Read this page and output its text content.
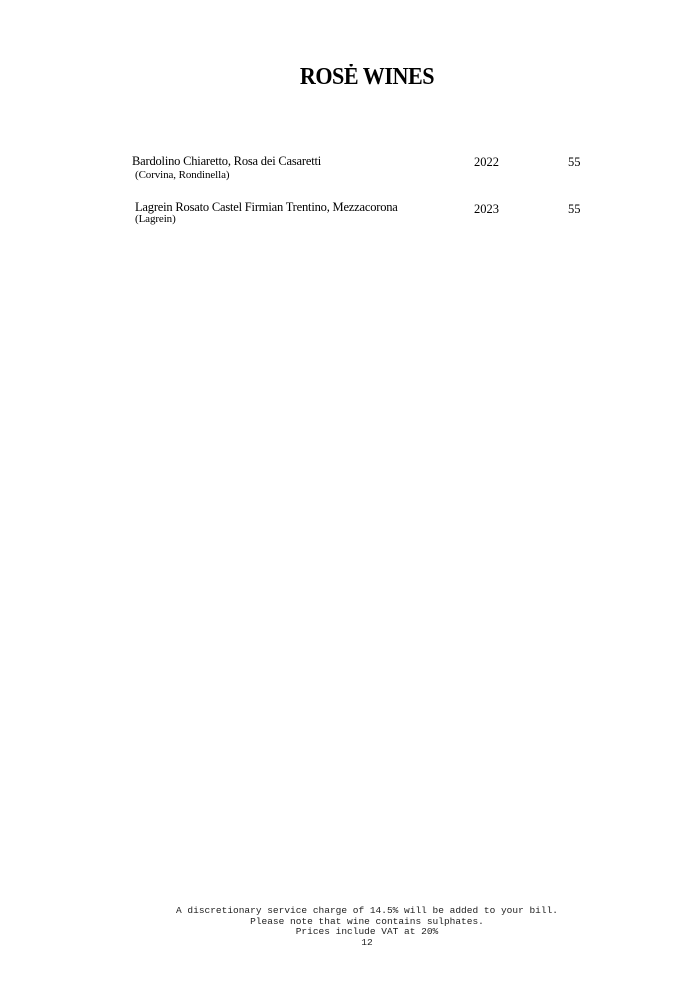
ROSĖ WINES
Bardolino Chiaretto, Rosa dei Casaretti
(Corvina, Rondinella)
2022	55
Lagrein Rosato Castel Firmian Trentino, Mezzacorona
(Lagrein)
2023	55
A discretionary service charge of 14.5% will be added to your bill.
Please note that wine contains sulphates.
Prices include VAT at 20%
12
